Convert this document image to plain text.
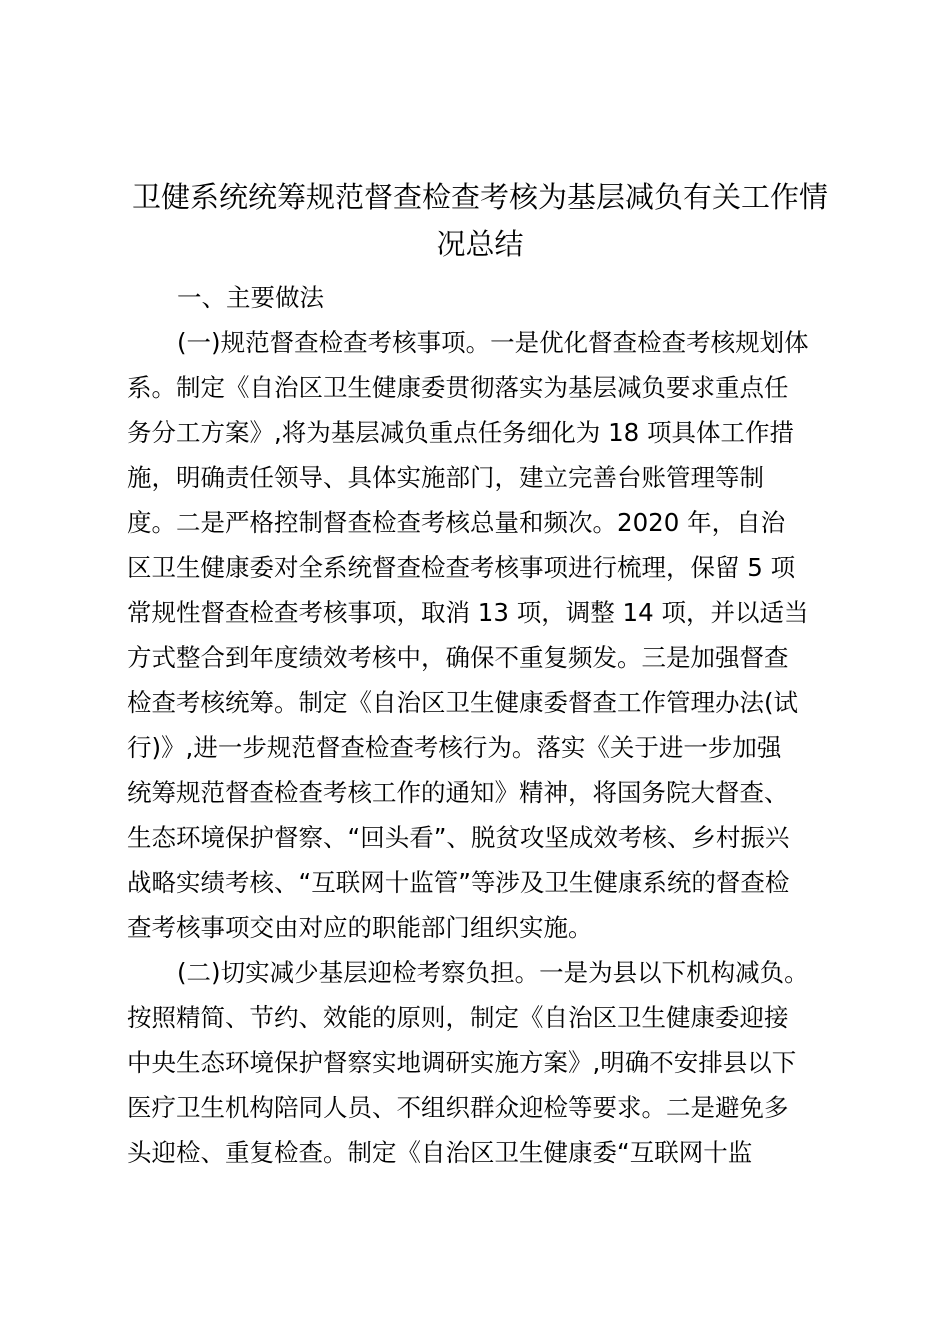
卫健系统统筹规范督查检查考核为基层减负有关工作情
况总结

一、主要做法

(一)规范督查检查考核事项。一是优化督查检查考核规划体

系。制定《自治区卫生健康委贯彻落实为基层减负要求重点任

务分工方案》,将为基层减负重点任务细化为 18 项具体工作措

施，明确责任领导、具体实施部门，建立完善台账管理等制

度。二是严格控制督查检查考核总量和频次。2020 年，自治

区卫生健康委对全系统督查检查考核事项进行梳理，保留 5 项

常规性督查检查考核事项，取消 13 项，调整 14 项，并以适当

方式整合到年度绩效考核中，确保不重复频发。三是加强督查

检查考核统筹。制定《自治区卫生健康委督查工作管理办法(试

行)》,进一步规范督查检查考核行为。落实《关于进一步加强

统筹规范督查检查考核工作的通知》精神，将国务院大督查、

生态环境保护督察、“回头看”、脱贫攻坚成效考核、乡村振兴

战略实绩考核、“互联网十监管”等涉及卫生健康系统的督查检

查考核事项交由对应的职能部门组织实施。

(二)切实减少基层迎检考察负担。一是为县以下机构减负。

按照精简、节约、效能的原则，制定《自治区卫生健康委迎接

中央生态环境保护督察实地调研实施方案》,明确不安排县以下

医疗卫生机构陪同人员、不组织群众迎检等要求。二是避免多

头迎检、重复检查。制定《自治区卫生健康委“互联网十监
